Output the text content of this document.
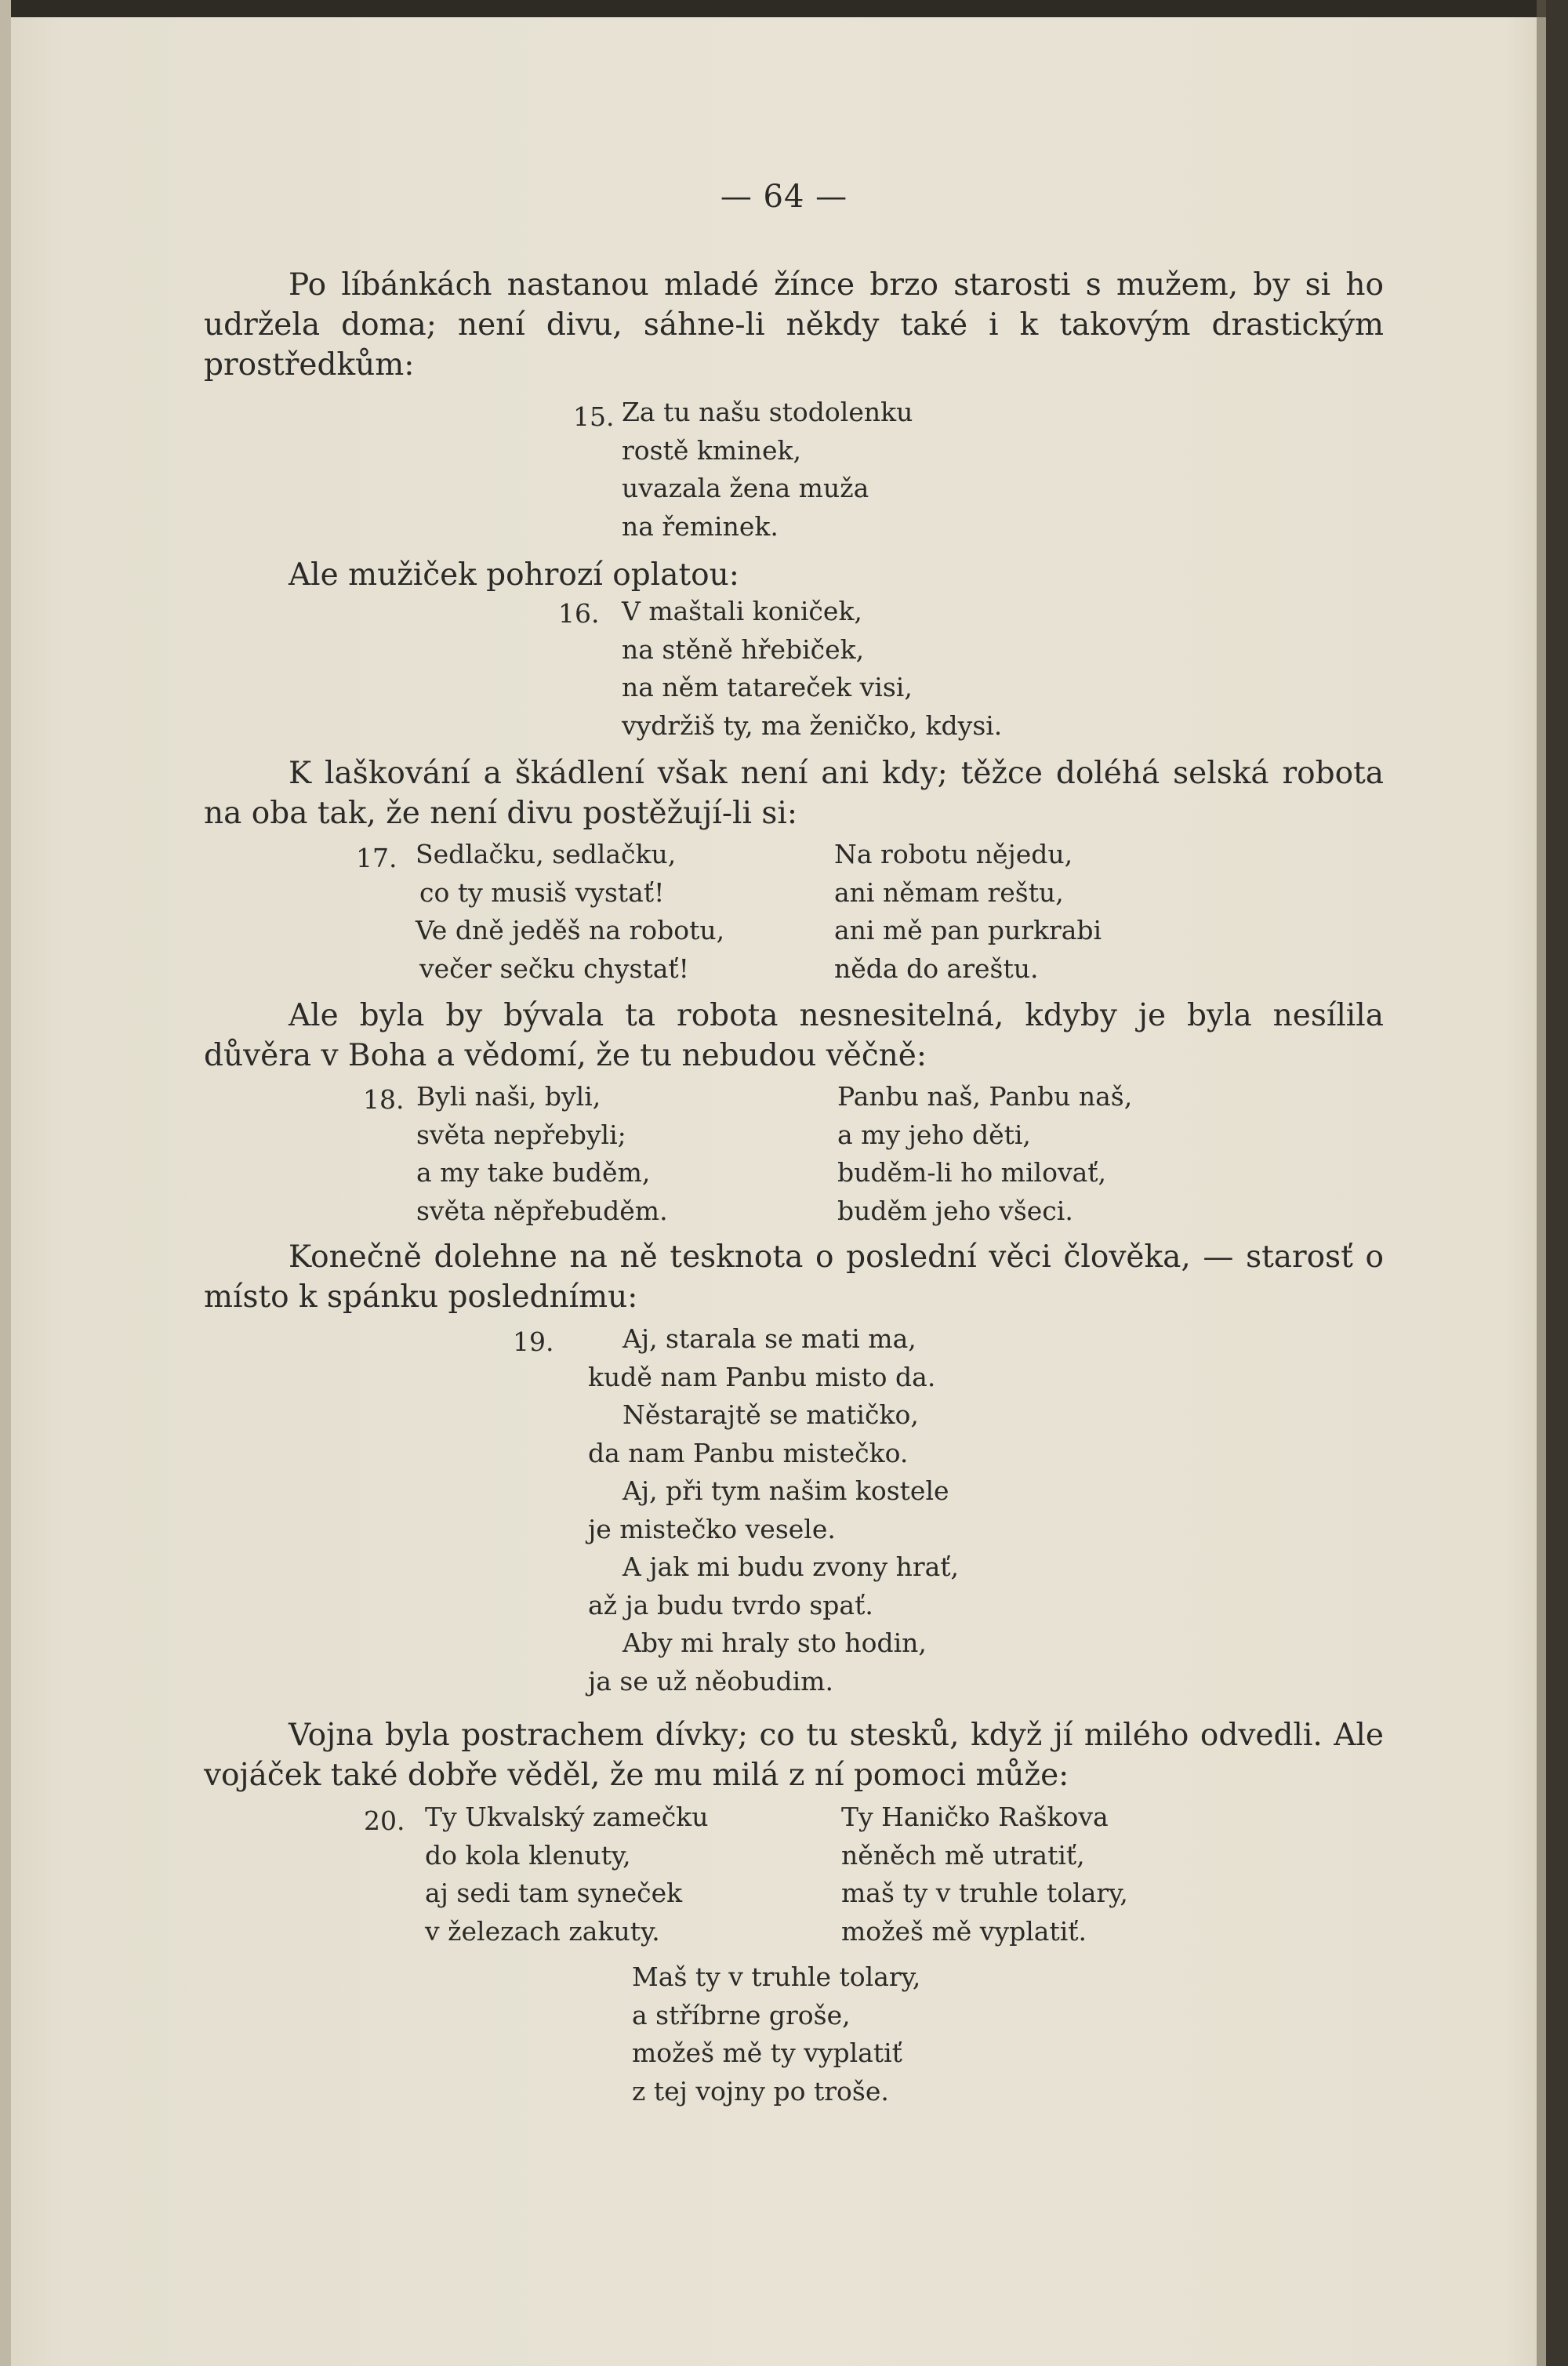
— 64 —

Po líbánkách nastanou mladé žínce brzo starosti s mužem, by si ho udržela doma; není divu, sáhne-li někdy také i k takovým drastickým prostředkům:

15. Za tu našu stodolenku
rostě kminek,
uvazala žena muža
na řeminek.

Ale mužiček pohrozí oplatou:

16. V maštali koniček,
na stěně hřebiček,
na něm tatareček visi,
vydržiš ty, ma ženičko, kdysi.

K laškování a škádlení však není ani kdy; těžce doléhá selská robota na oba tak, že není divu postěžují-li si:

17. Sedlačku, sedlačku,
co ty musiš vystať!
Ve dně jeděš na robotu,
večer sečku chystať!
Na robotu nějedu,
ani němam reštu,
ani mě pan purkrabi
něda do areštu.

Ale byla by bývala ta robota nesnesitelná, kdyby je byla nesílila důvěra v Boha a vědomí, že tu nebudou věčně:

18. Byli naši, byli,
světa nepřebyli;
a my take buděm,
světa něpřebuděm.
Panbu naš, Panbu naš,
a my jeho děti,
buděm-li ho milovať,
buděm jeho všeci.

Konečně dolehne na ně tesknota o poslední věci člověka, — starosť o místo k spánku poslednímu:

19.	Aj, starala se mati ma,
kudě nam Panbu misto da.
Něstarajtě se matičko,
da nam Panbu mistečko.
Aj, při tym našim kostele
je mistečko vesele.
A jak mi budu zvony hrať,
až ja budu tvrdo spať.
Aby mi hraly sto hodin,
ja se už něobudim.

Vojna byla postrachem dívky; co tu stesků, když jí milého odvedli. Ale vojáček také dobře věděl, že mu milá z ní pomoci může:

20. Ty Ukvalský zamečku
do kola klenuty,
aj sedi tam syneček
v železach zakuty.
Ty Haničko Raškova
něněch mě utratiť,
maš ty v truhle tolary,
možeš mě vyplatiť.
Maš ty v truhle tolary,
a stříbrne groše,
možeš mě ty vyplatiť
z tej vojny po troše.
